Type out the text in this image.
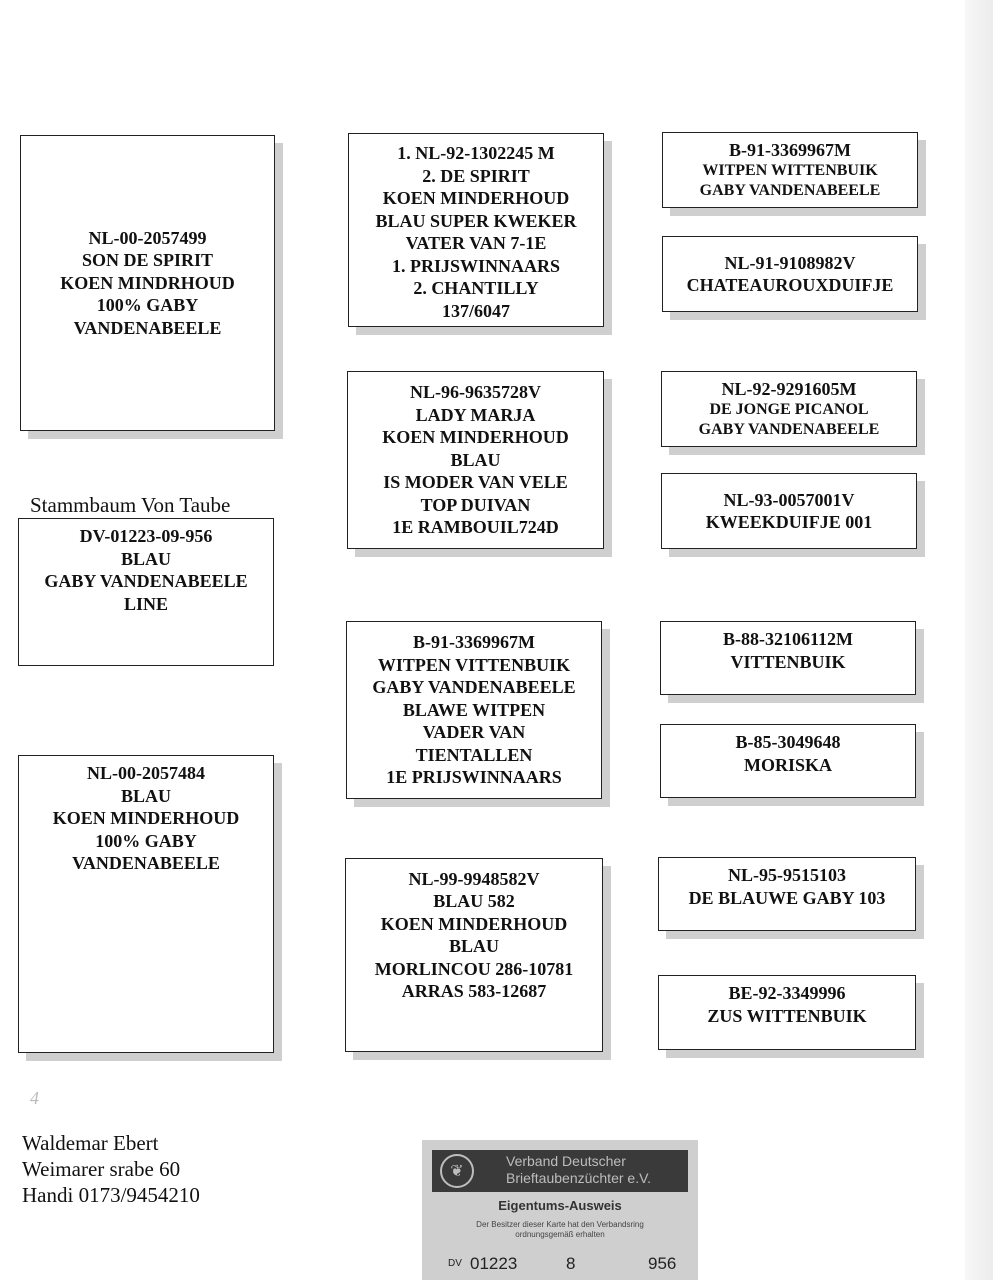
NL-00-2057499
SON DE SPIRIT
KOEN MINDRHOUD
100% GABY
VANDENABEELE
1. NL-92-1302245 M
2. DE SPIRIT
KOEN MINDERHOUD
BLAU SUPER KWEKER
VATER VAN 7-1E
1. PRIJSWINNAARS
2. CHANTILLY
137/6047
B-91-3369967M
WITPEN WITTENBUIK
GABY VANDENABEELE
NL-91-9108982V
CHATEAUROUXDUIFJE
NL-96-9635728V
LADY MARJA
KOEN MINDERHOUD
BLAU
IS MODER VAN VELE
TOP DUIVAN
1E RAMBOUIL724D
NL-92-9291605M
DE JONGE PICANOL
GABY VANDENABEELE
NL-93-0057001V
KWEEKDUIFJE 001
Stammbaum Von Taube
DV-01223-09-956
BLAU
GABY VANDENABEELE
LINE
B-91-3369967M
WITPEN VITTENBUIK
GABY VANDENABEELE
BLAWE WITPEN
VADER VAN
TIENTALLEN
1E PRIJSWINNAARS
B-88-32106112M
VITTENBUIK
B-85-3049648
MORISKA
NL-00-2057484
BLAU
KOEN MINDERHOUD
100% GABY
VANDENABEELE
NL-99-9948582V
BLAU 582
KOEN MINDERHOUD
BLAU
MORLINCOU 286-10781
ARRAS 583-12687
NL-95-9515103
DE BLAUWE GABY 103
BE-92-3349996
ZUS WITTENBUIK
4
Waldemar Ebert
Weimarer srabe 60
Handi 0173/9454210
❦
Verband Deutscher
Brieftaubenzüchter e.V.
Eigentums-Ausweis
Der Besitzer dieser Karte hat den Verbandsring
ordnungsgemäß erhalten
DV 01223	8	956
